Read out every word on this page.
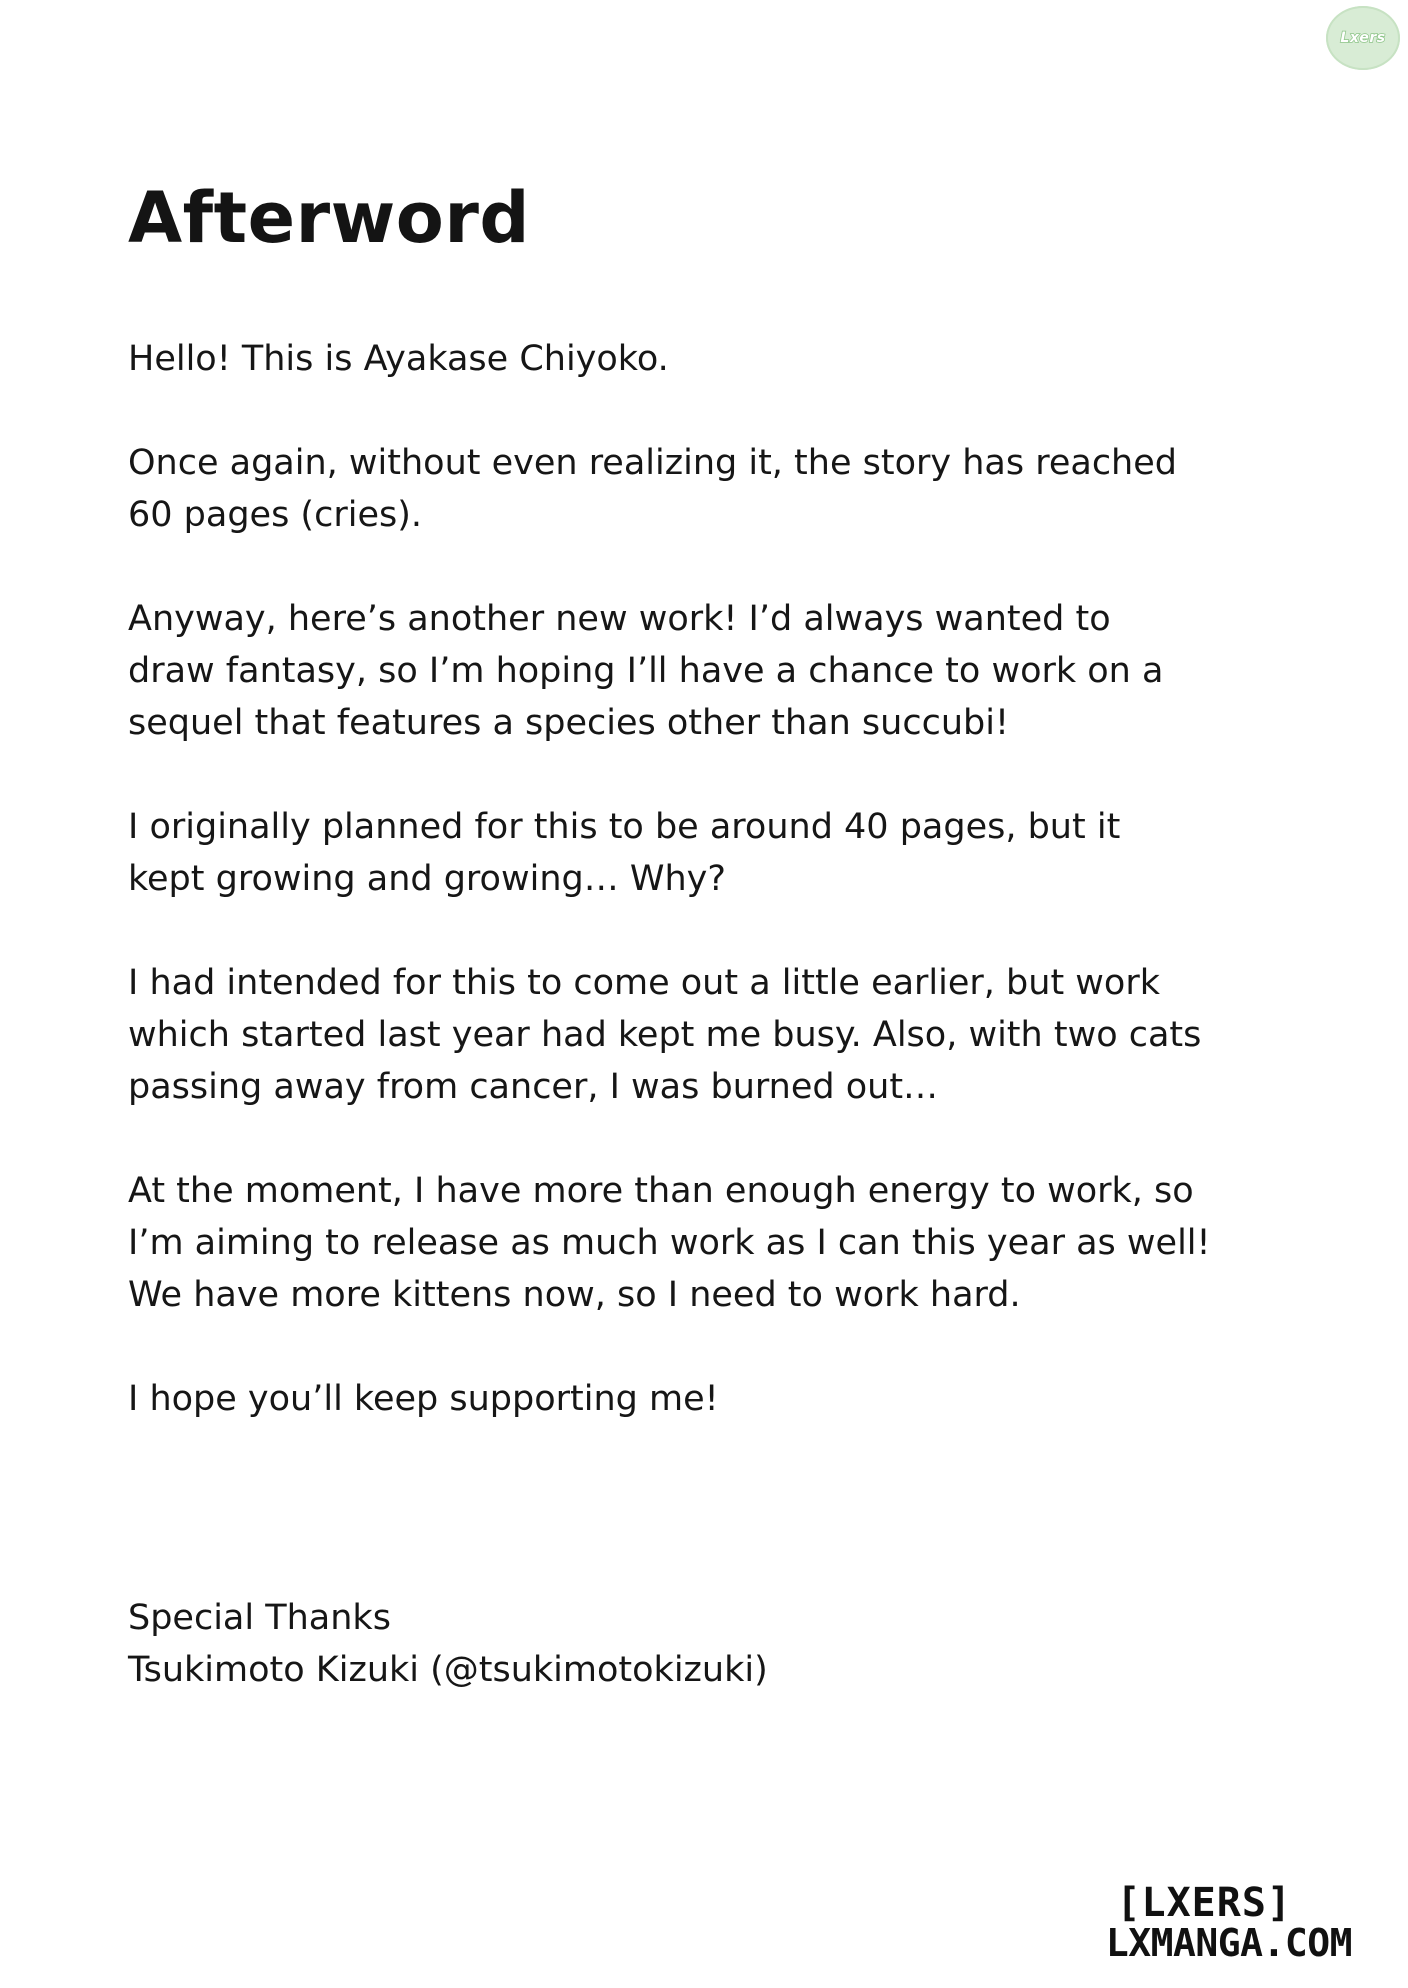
Lxers
Afterword

Hello! This is Ayakase Chiyoko.

Once again, without even realizing it, the story has reached
60 pages (cries).

Anyway, here’s another new work! I’d always wanted to
draw fantasy, so I’m hoping I’ll have a chance to work on a
sequel that features a species other than succubi!

I originally planned for this to be around 40 pages, but it
kept growing and growing… Why?

I had intended for this to come out a little earlier, but work
which started last year had kept me busy. Also, with two cats
passing away from cancer, I was burned out…

At the moment, I have more than enough energy to work, so
I’m aiming to release as much work as I can this year as well!
We have more kittens now, so I need to work hard.

I hope you’ll keep supporting me!

Special Thanks
Tsukimoto Kizuki (@tsukimotokizuki)
[LXERS]
LXMANGA.COM
